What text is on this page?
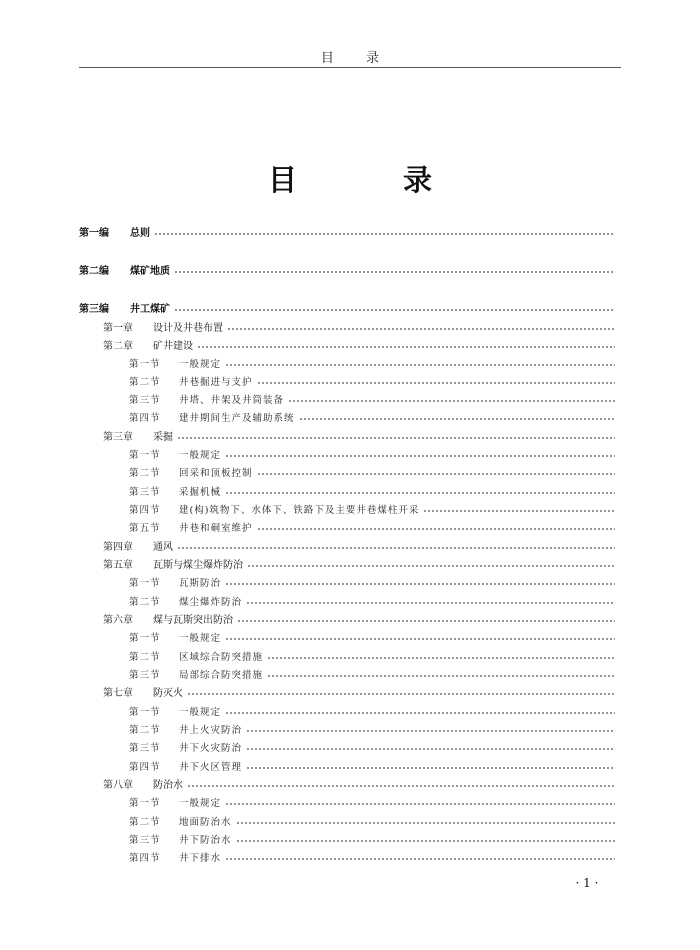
目 录
目 录
第一编	总则
第二编	煤矿地质
第三编	井工煤矿
第一章	设计及井巷布置
第二章	矿井建设
第一节	一般规定
第二节	井巷掘进与支护
第三节	井塔、井架及井筒装备
第四节	建井期间生产及辅助系统
第三章	采掘
第一节	一般规定
第二节	回采和顶板控制
第三节	采掘机械
第四节	建(构)筑物下、水体下、铁路下及主要井巷煤柱开采
第五节	井巷和硐室维护
第四章	通风
第五章	瓦斯与煤尘爆炸防治
第一节	瓦斯防治
第二节	煤尘爆炸防治
第六章	煤与瓦斯突出防治
第一节	一般规定
第二节	区域综合防突措施
第三节	局部综合防突措施
第七章	防灭火
第一节	一般规定
第二节	井上火灾防治
第三节	井下火灾防治
第四节	井下火区管理
第八章	防治水
第一节	一般规定
第二节	地面防治水
第三节	井下防治水
第四节	井下排水
· 1 ·
